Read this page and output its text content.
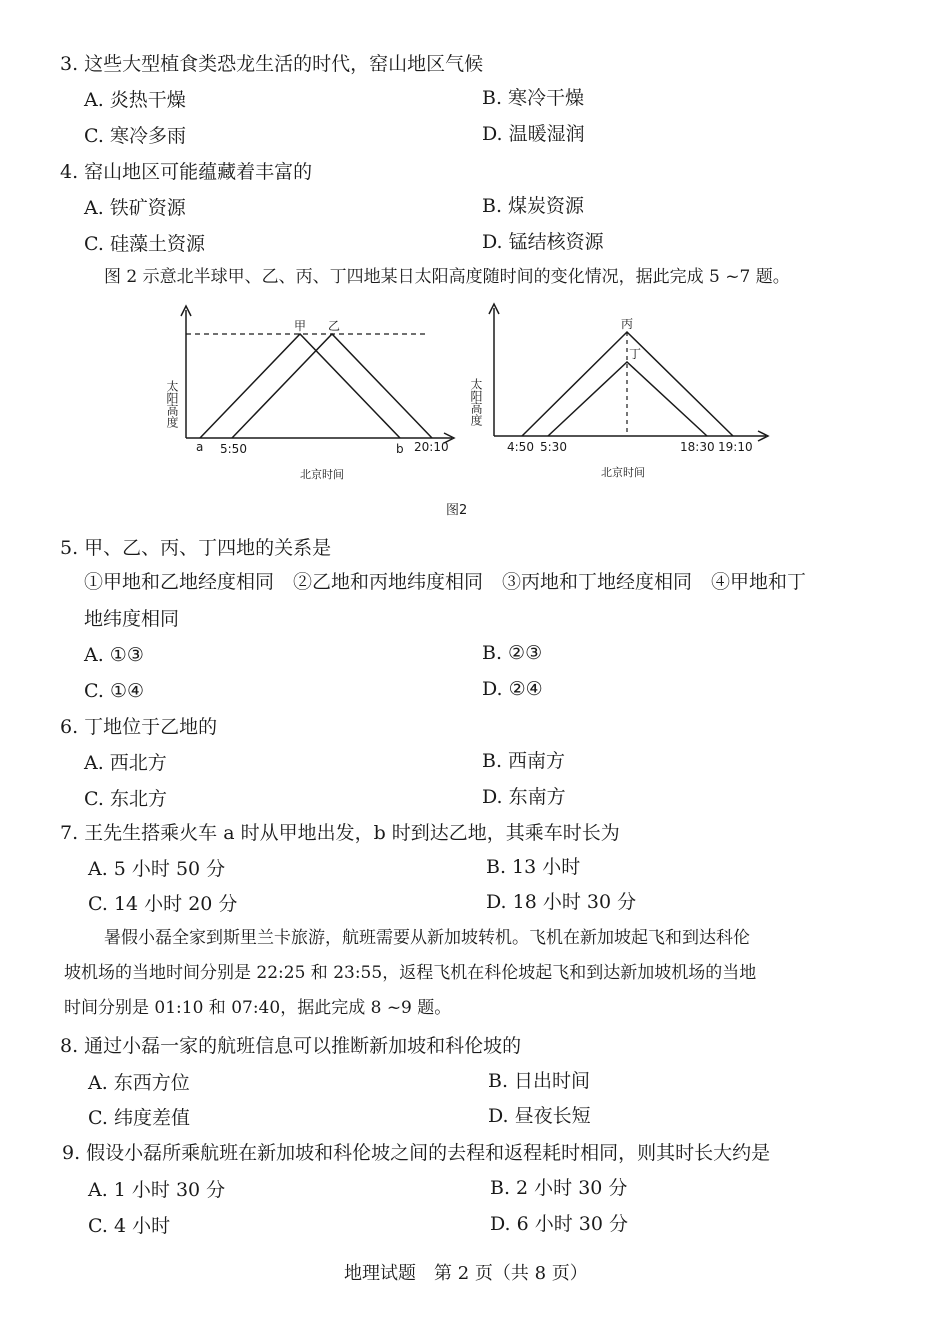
3. 这些大型植食类恐龙生活的时代，窑山地区气候
A. 炎热干燥	B. 寒冷干燥
C. 寒冷多雨	D. 温暖湿润
4. 窑山地区可能蕴藏着丰富的
A. 铁矿资源	B. 煤炭资源
C. 硅藻土资源	D. 锰结核资源
图 2 示意北半球甲、乙、丙、丁四地某日太阳高度随时间的变化情况，据此完成 5 ~7 题。
太阳高度
甲 乙
a 5:50	b 20:10
北京时间
太阳高度
丙
丁
4:50 5:30	18:30 19:10
北京时间
图2
5. 甲、乙、丙、丁四地的关系是
①甲地和乙地经度相同　②乙地和丙地纬度相同　③丙地和丁地经度相同　④甲地和丁
地纬度相同
A. ①③	B. ②③
C. ①④	D. ②④
6. 丁地位于乙地的
A. 西北方	B. 西南方
C. 东北方	D. 东南方
7. 王先生搭乘火车 a 时从甲地出发，b 时到达乙地，其乘车时长为
A. 5 小时 50 分	B. 13 小时
C. 14 小时 20 分	D. 18 小时 30 分
暑假小磊全家到斯里兰卡旅游，航班需要从新加坡转机。飞机在新加坡起飞和到达科伦
坡机场的当地时间分别是 22:25 和 23:55，返程飞机在科伦坡起飞和到达新加坡机场的当地
时间分别是 01:10 和 07:40，据此完成 8 ~9 题。
8. 通过小磊一家的航班信息可以推断新加坡和科伦坡的
A. 东西方位	B. 日出时间
C. 纬度差值	D. 昼夜长短
9. 假设小磊所乘航班在新加坡和科伦坡之间的去程和返程耗时相同，则其时长大约是
A. 1 小时 30 分	B. 2 小时 30 分
C. 4 小时	D. 6 小时 30 分
地理试题　第 2 页（共 8 页）
